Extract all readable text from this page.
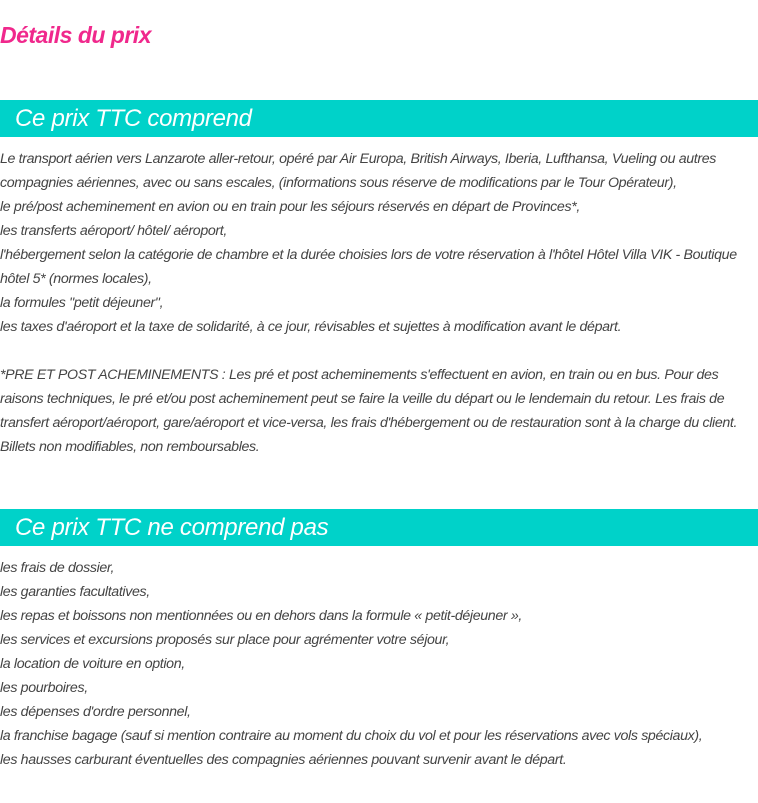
Détails du prix
Ce prix TTC comprend

Le transport aérien vers Lanzarote aller-retour, opéré par Air Europa, British Airways, Iberia, Lufthansa, Vueling ou autres compagnies aériennes, avec ou sans escales, (informations sous réserve de modifications par le Tour Opérateur),

le pré/post acheminement en avion ou en train pour les séjours réservés en départ de Provinces*,

les transferts aéroport/ hôtel/ aéroport,

l'hébergement selon la catégorie de chambre et la durée choisies lors de votre réservation à l'hôtel Hôtel Villa VIK - Boutique hôtel 5* (normes locales),

la formules "petit déjeuner",

les taxes d'aéroport et la taxe de solidarité, à ce jour, révisables et sujettes à modification avant le départ.

*PRE ET POST ACHEMINEMENTS : Les pré et post acheminements s'effectuent en avion, en train ou en bus. Pour des raisons techniques, le pré et/ou post acheminement peut se faire la veille du départ ou le lendemain du retour. Les frais de transfert aéroport/aéroport, gare/aéroport et vice-versa, les frais d'hébergement ou de restauration sont à la charge du client. Billets non modifiables, non remboursables.

Ce prix TTC ne comprend pas

les frais de dossier,

les garanties facultatives,

les repas et boissons non mentionnées ou en dehors dans la formule « petit-déjeuner »,

les services et excursions proposés sur place pour agrémenter votre séjour,

la location de voiture en option,

les pourboires,

les dépenses d'ordre personnel,

la franchise bagage (sauf si mention contraire au moment du choix du vol et pour les réservations avec vols spéciaux),

les hausses carburant éventuelles des compagnies aériennes pouvant survenir avant le départ.
